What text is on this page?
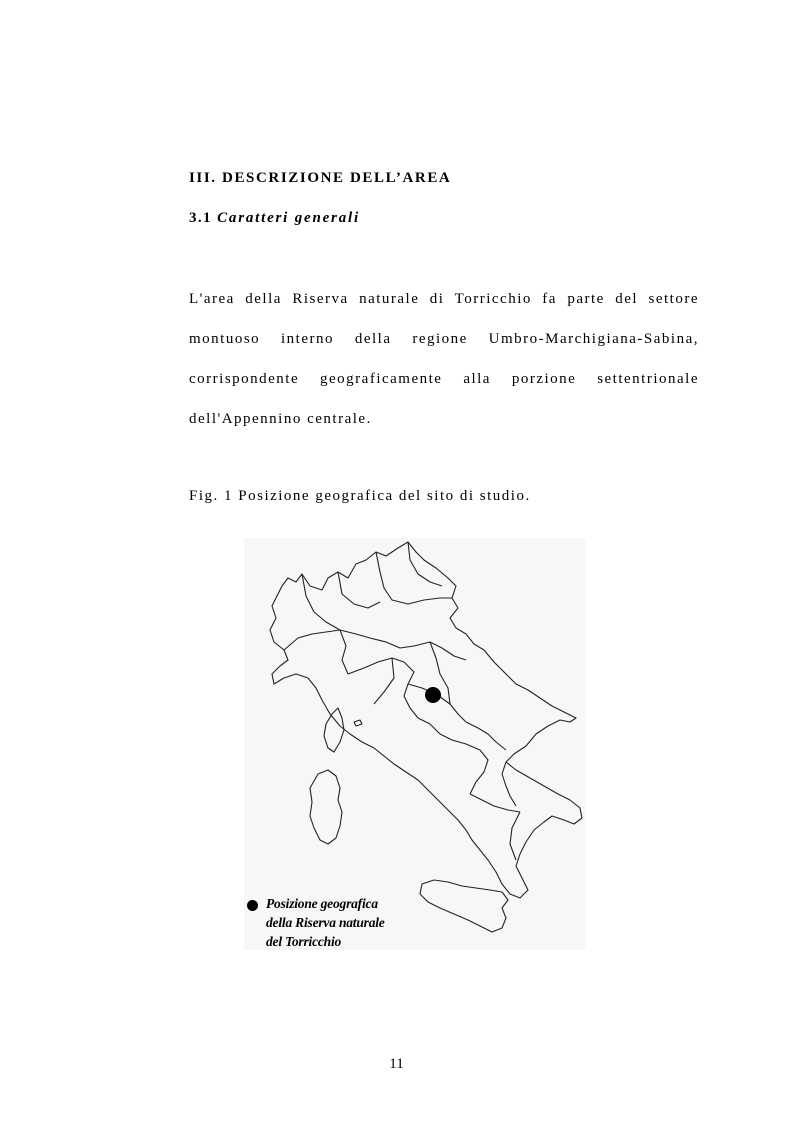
III. DESCRIZIONE DELL’AREA
3.1 Caratteri generali
L'area della Riserva naturale di Torricchio fa parte del settore
montuoso interno della regione Umbro-Marchigiana-Sabina,
corrispondente geograficamente alla porzione settentrionale
dell'Appennino centrale.

Fig. 1 Posizione geografica del sito di studio.

Posizione geografica
della Riserva naturale
del Torricchio
11
